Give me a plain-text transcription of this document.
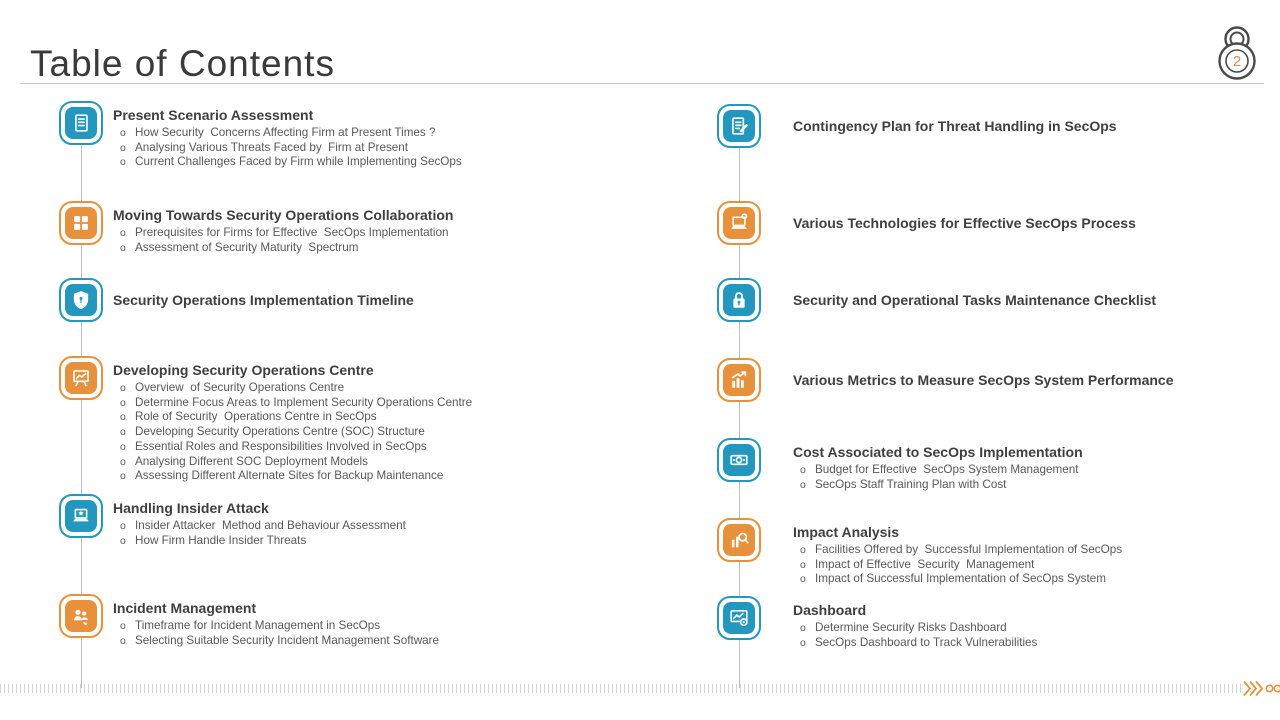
Table of Contents	2
Present Scenario Assessment
o How Security  Concerns Affecting Firm at Present Times ?
o Analysing Various Threats Faced by  Firm at Present
o Current Challenges Faced by Firm while Implementing SecOps
Moving Towards Security Operations Collaboration
o Prerequisites for Firms for Effective  SecOps Implementation
o Assessment of Security Maturity  Spectrum
Security Operations Implementation Timeline
Developing Security Operations Centre
o Overview  of Security Operations Centre
o Determine Focus Areas to Implement Security Operations Centre
o Role of Security  Operations Centre in SecOps
o Developing Security Operations Centre (SOC) Structure
o Essential Roles and Responsibilities Involved in SecOps
o Analysing Different SOC Deployment Models
o Assessing Different Alternate Sites for Backup Maintenance
Handling Insider Attack
o Insider Attacker  Method and Behaviour Assessment
o How Firm Handle Insider Threats
Incident Management
o Timeframe for Incident Management in SecOps
o Selecting Suitable Security Incident Management Software
Contingency Plan for Threat Handling in SecOps
Various Technologies for Effective SecOps Process
Security and Operational Tasks Maintenance Checklist
Various Metrics to Measure SecOps System Performance
Cost Associated to SecOps Implementation
o Budget for Effective  SecOps System Management
o SecOps Staff Training Plan with Cost
Impact Analysis
o Facilities Offered by  Successful Implementation of SecOps
o Impact of Effective  Security  Management
o Impact of Successful Implementation of SecOps System
Dashboard
o Determine Security Risks Dashboard
o SecOps Dashboard to Track Vulnerabilities
